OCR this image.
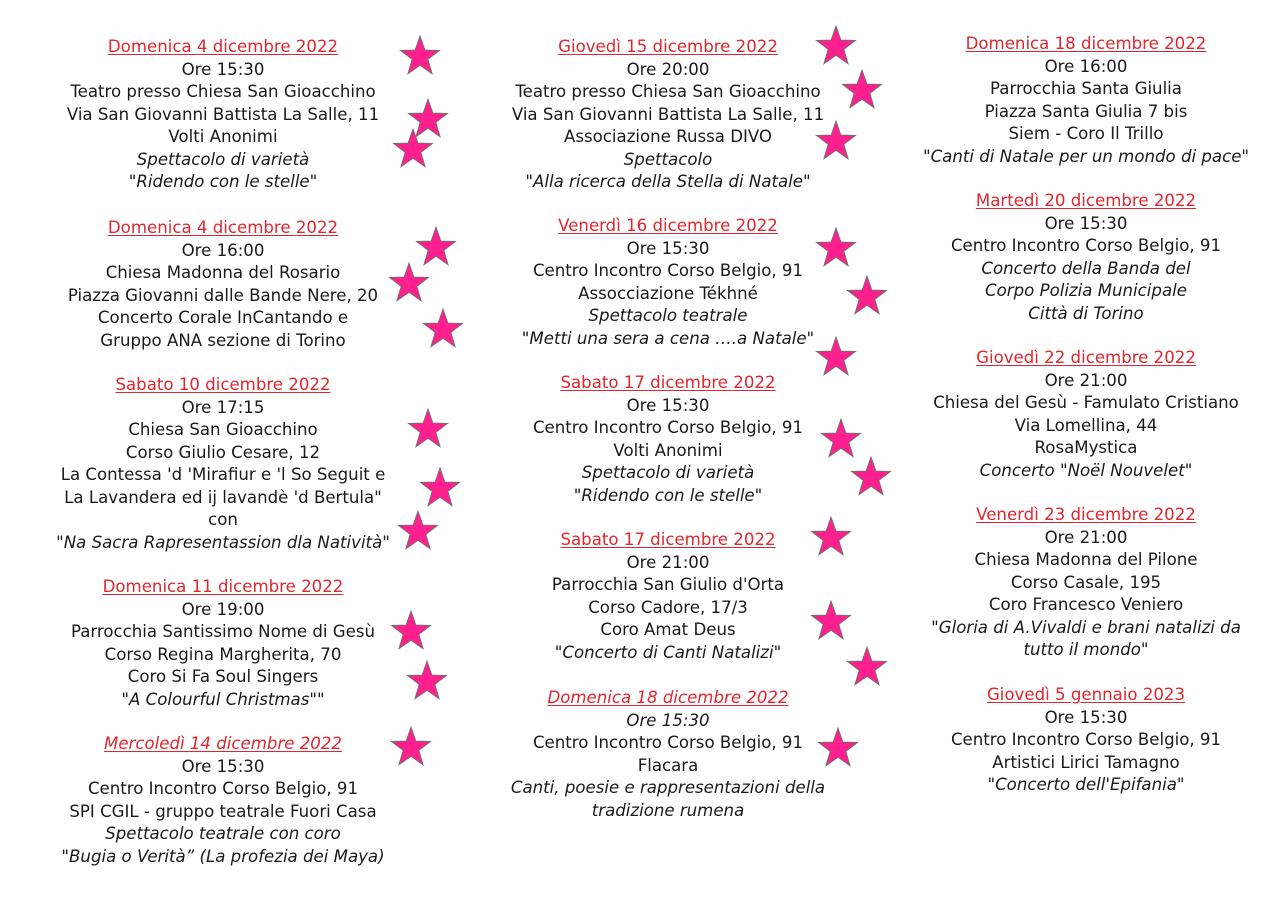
Domenica 4 dicembre 2022
Ore 15:30
Teatro presso Chiesa San Gioacchino
Via San Giovanni Battista La Salle, 11
Volti Anonimi
Spettacolo di varietà
"Ridendo con le stelle"
Domenica 4 dicembre 2022
Ore 16:00
Chiesa Madonna del Rosario
Piazza Giovanni dalle Bande Nere, 20
Concerto Corale InCantando e
Gruppo ANA sezione di Torino
Sabato 10 dicembre 2022
Ore 17:15
Chiesa San Gioacchino
Corso Giulio Cesare, 12
La Contessa 'd 'Mirafiur e 'l So Seguit e
La Lavandera ed ij lavandè 'd Bertula"
con
"Na Sacra Rapresentassion dla Natività"
Domenica 11 dicembre 2022
Ore 19:00
Parrocchia Santissimo Nome di Gesù
Corso Regina Margherita, 70
Coro Si Fa Soul Singers
"A Colourful Christmas""
Mercoledì 14 dicembre 2022
Ore 15:30
Centro Incontro Corso Belgio, 91
SPI CGIL - gruppo teatrale Fuori Casa
Spettacolo teatrale con coro
"Bugia o Verità” (La profezia dei Maya)
Giovedì 15 dicembre 2022
Ore 20:00
Teatro presso Chiesa San Gioacchino
Via San Giovanni Battista La Salle, 11
Associazione Russa DIVO
Spettacolo
"Alla ricerca della Stella di Natale"
Venerdì 16 dicembre 2022
Ore 15:30
Centro Incontro Corso Belgio, 91
Assocciazione Tékhné
Spettacolo teatrale
"Metti una sera a cena ….a Natale"
Sabato 17 dicembre 2022
Ore 15:30
Centro Incontro Corso Belgio, 91
Volti Anonimi
Spettacolo di varietà
"Ridendo con le stelle"
Sabato 17 dicembre 2022
Ore 21:00
Parrocchia San Giulio d'Orta
Corso Cadore, 17/3
Coro Amat Deus
"Concerto di Canti Natalizi"
Domenica 18 dicembre 2022
Ore 15:30
Centro Incontro Corso Belgio, 91
Flacara
Canti, poesie e rappresentazioni della
tradizione rumena
Domenica 18 dicembre 2022
Ore 16:00
Parrocchia Santa Giulia
Piazza Santa Giulia 7 bis
Siem - Coro Il Trillo
"Canti di Natale per un mondo di pace"
Martedì 20 dicembre 2022
Ore 15:30
Centro Incontro Corso Belgio, 91
Concerto della Banda del
Corpo Polizia Municipale
Città di Torino
Giovedì 22 dicembre 2022
Ore 21:00
Chiesa del Gesù - Famulato Cristiano
Via Lomellina, 44
RosaMystica
Concerto "Noël Nouvelet"
Venerdì 23 dicembre 2022
Ore 21:00
Chiesa Madonna del Pilone
Corso Casale, 195
Coro Francesco Veniero
"Gloria di A.Vivaldi e brani natalizi da
tutto il mondo"
Giovedì 5 gennaio 2023
Ore 15:30
Centro Incontro Corso Belgio, 91
Artistici Lirici Tamagno
"Concerto dell'Epifania"
